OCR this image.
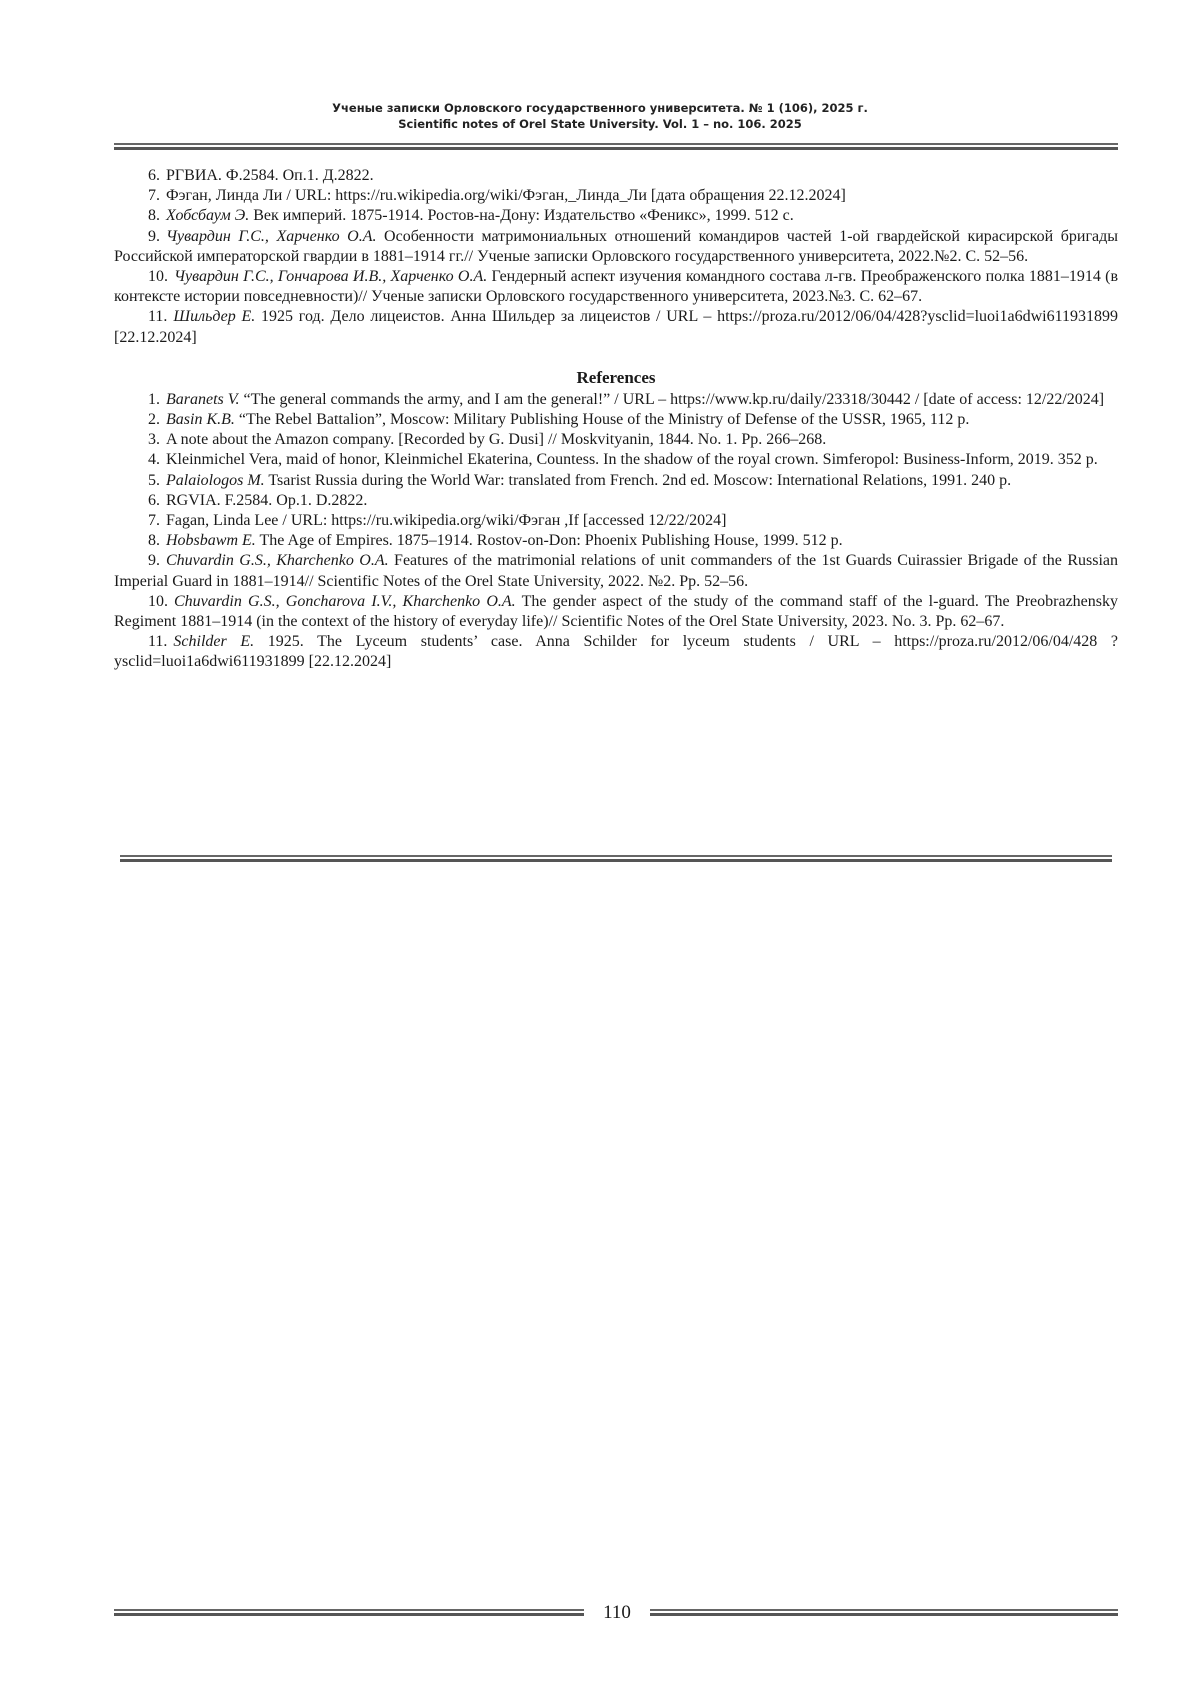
Ученые записки Орловского государственного университета. № 1 (106), 2025 г.
Scientific notes of Orel State University. Vol. 1 – no. 106. 2025

6. РГВИА. Ф.2584. Оп.1. Д.2822.

7. Фэган, Линда Ли / URL: https://ru.wikipedia.org/wiki/Фэган,_Линда_Ли [дата обращения 22.12.2024]

8. Хобсбаум Э. Век империй. 1875-1914. Ростов-на-Дону: Издательство «Феникс», 1999. 512 с.

9. Чувардин Г.С., Харченко О.А. Особенности матримониальных отношений командиров частей 1-ой гвардейской кирасирской бригады Российской императорской гвардии в 1881–1914 гг.// Ученые записки Орловского государственного университета, 2022.№2. С. 52–56.

10. Чувардин Г.С., Гончарова И.В., Харченко О.А. Гендерный аспект изучения командного состава л-гв. Преображенского полка 1881–1914 (в контексте истории повседневности)// Ученые записки Орловского государственного университета, 2023.№3. С. 62–67.

11. Шильдер Е. 1925 год. Дело лицеистов. Анна Шильдер за лицеистов / URL – https://proza.ru/2012/06/04/428?ysclid=luoi1a6dwi611931899 [22.12.2024]

References

1. Baranets V. “The general commands the army, and I am the general!” / URL – https://www.kp.ru/daily/23318/30442 / [date of access: 12/22/2024]

2. Basin K.B. “The Rebel Battalion”, Moscow: Military Publishing House of the Ministry of Defense of the USSR, 1965, 112 p.

3. A note about the Amazon company. [Recorded by G. Dusi] // Moskvityanin, 1844. No. 1. Pp. 266–268.

4. Kleinmichel Vera, maid of honor, Kleinmichel Ekaterina, Countess. In the shadow of the royal crown. Simferopol: Business-Inform, 2019. 352 p.

5. Palaiologos M. Tsarist Russia during the World War: translated from French. 2nd ed. Moscow: International Relations, 1991. 240 p.

6. RGVIA. F.2584. Op.1. D.2822.

7. Fagan, Linda Lee / URL: https://ru.wikipedia.org/wiki/Фэган ,If [accessed 12/22/2024]

8. Hobsbawm E. The Age of Empires. 1875–1914. Rostov-on-Don: Phoenix Publishing House, 1999. 512 p.

9. Chuvardin G.S., Kharchenko O.A. Features of the matrimonial relations of unit commanders of the 1st Guards Cuirassier Brigade of the Russian Imperial Guard in 1881–1914// Scientific Notes of the Orel State University, 2022. №2. Pp. 52–56.

10. Chuvardin G.S., Goncharova I.V., Kharchenko O.A. The gender aspect of the study of the command staff of the l-guard. The Preobrazhensky Regiment 1881–1914 (in the context of the history of everyday life)// Scientific Notes of the Orel State University, 2023. No. 3. Pp. 62–67.

11. Schilder E. 1925. The Lyceum students’ case. Anna Schilder for lyceum students / URL – https://proza.ru/2012/06/04/428 ?ysclid=luoi1a6dwi611931899 [22.12.2024]

110
